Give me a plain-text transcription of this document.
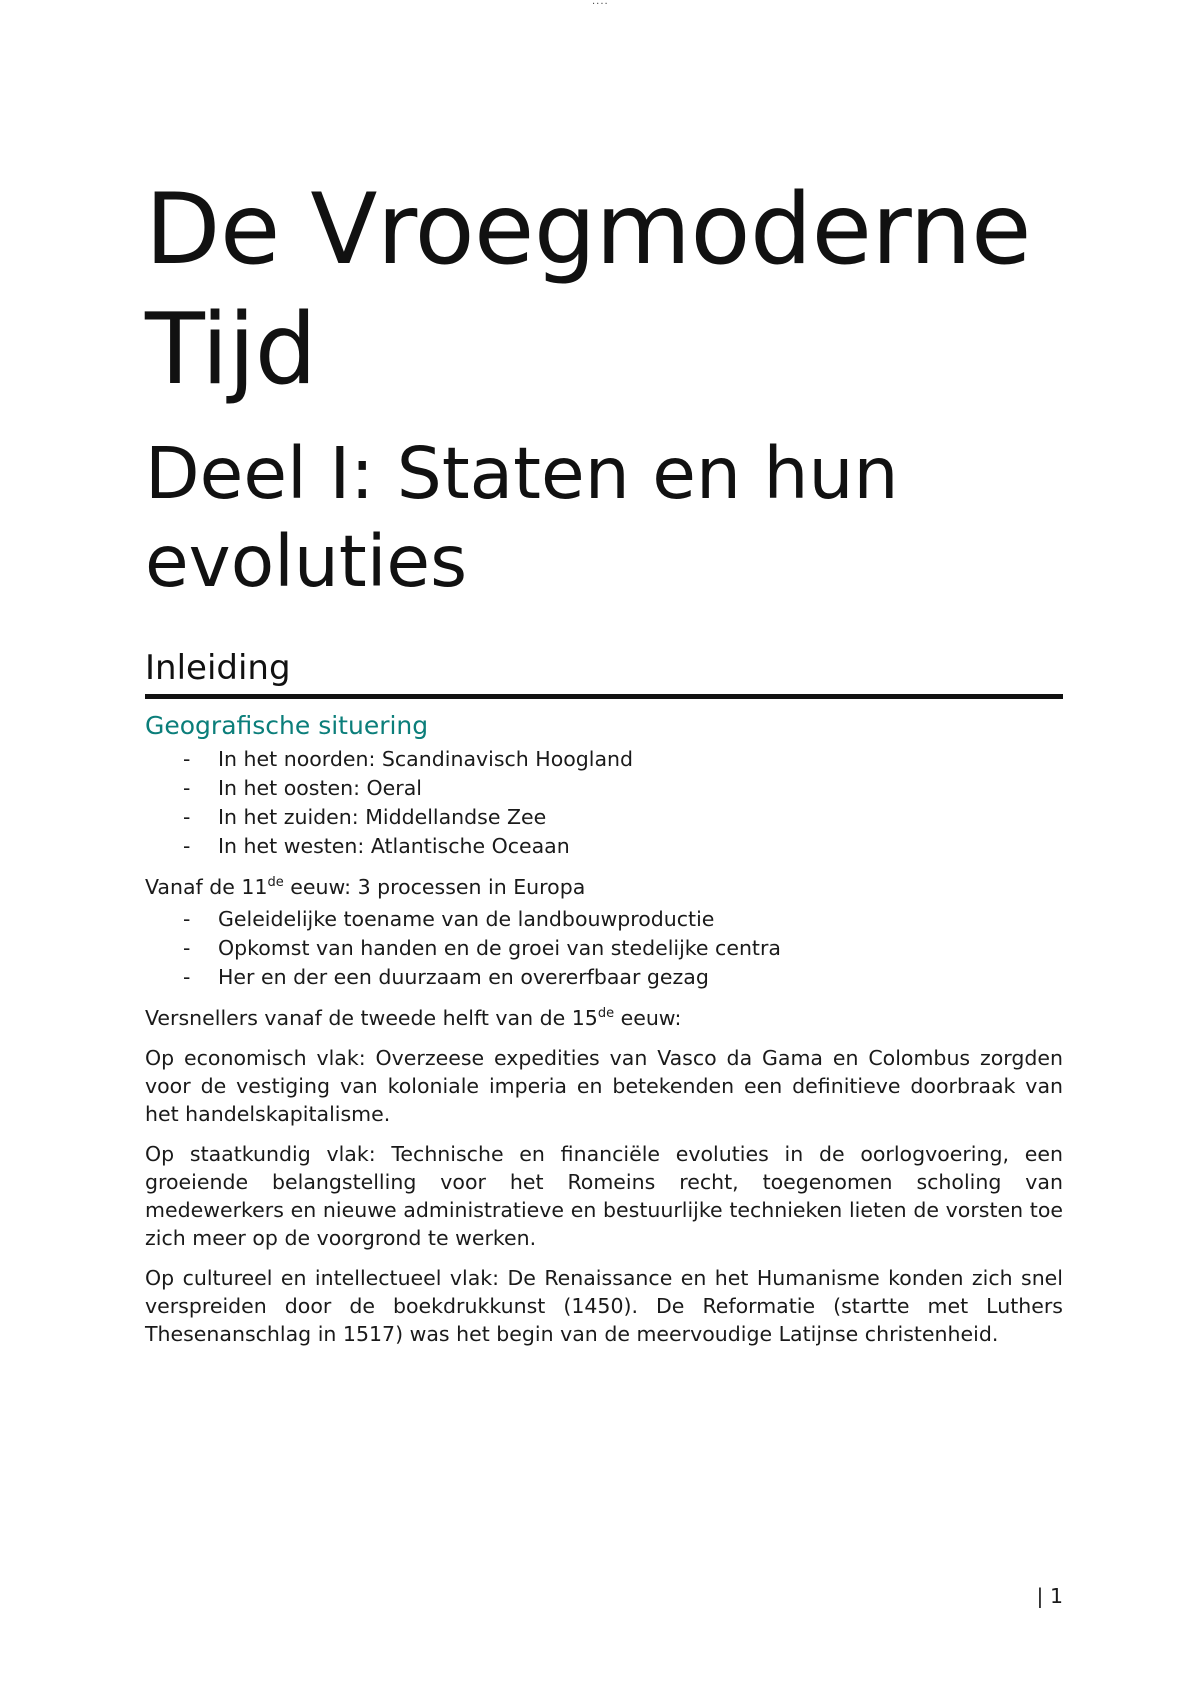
....
De Vroegmoderne
Tijd
Deel I: Staten en hun
evoluties
Inleiding
Geografische situering
- In het noorden: Scandinavisch Hoogland
- In het oosten: Oeral
- In het zuiden: Middellandse Zee
- In het westen: Atlantische Oceaan

Vanaf de 11de eeuw: 3 processen in Europa

- Geleidelijke toename van de landbouwproductie
- Opkomst van handen en de groei van stedelijke centra
- Her en der een duurzaam en overerfbaar gezag

Versnellers vanaf de tweede helft van de 15de eeuw:

Op economisch vlak: Overzeese expedities van Vasco da Gama en Colombus zorgden voor de vestiging van koloniale imperia en betekenden een definitieve doorbraak van het handelskapitalisme.

Op staatkundig vlak: Technische en financiële evoluties in de oorlogvoering, een groeiende belangstelling voor het Romeins recht, toegenomen scholing van medewerkers en nieuwe administratieve en bestuurlijke technieken lieten de vorsten toe zich meer op de voorgrond te werken.

Op cultureel en intellectueel vlak: De Renaissance en het Humanisme konden zich snel verspreiden door de boekdrukkunst (1450). De Reformatie (startte met Luthers Thesenanschlag in 1517) was het begin van de meervoudige Latijnse christenheid.

| 1
